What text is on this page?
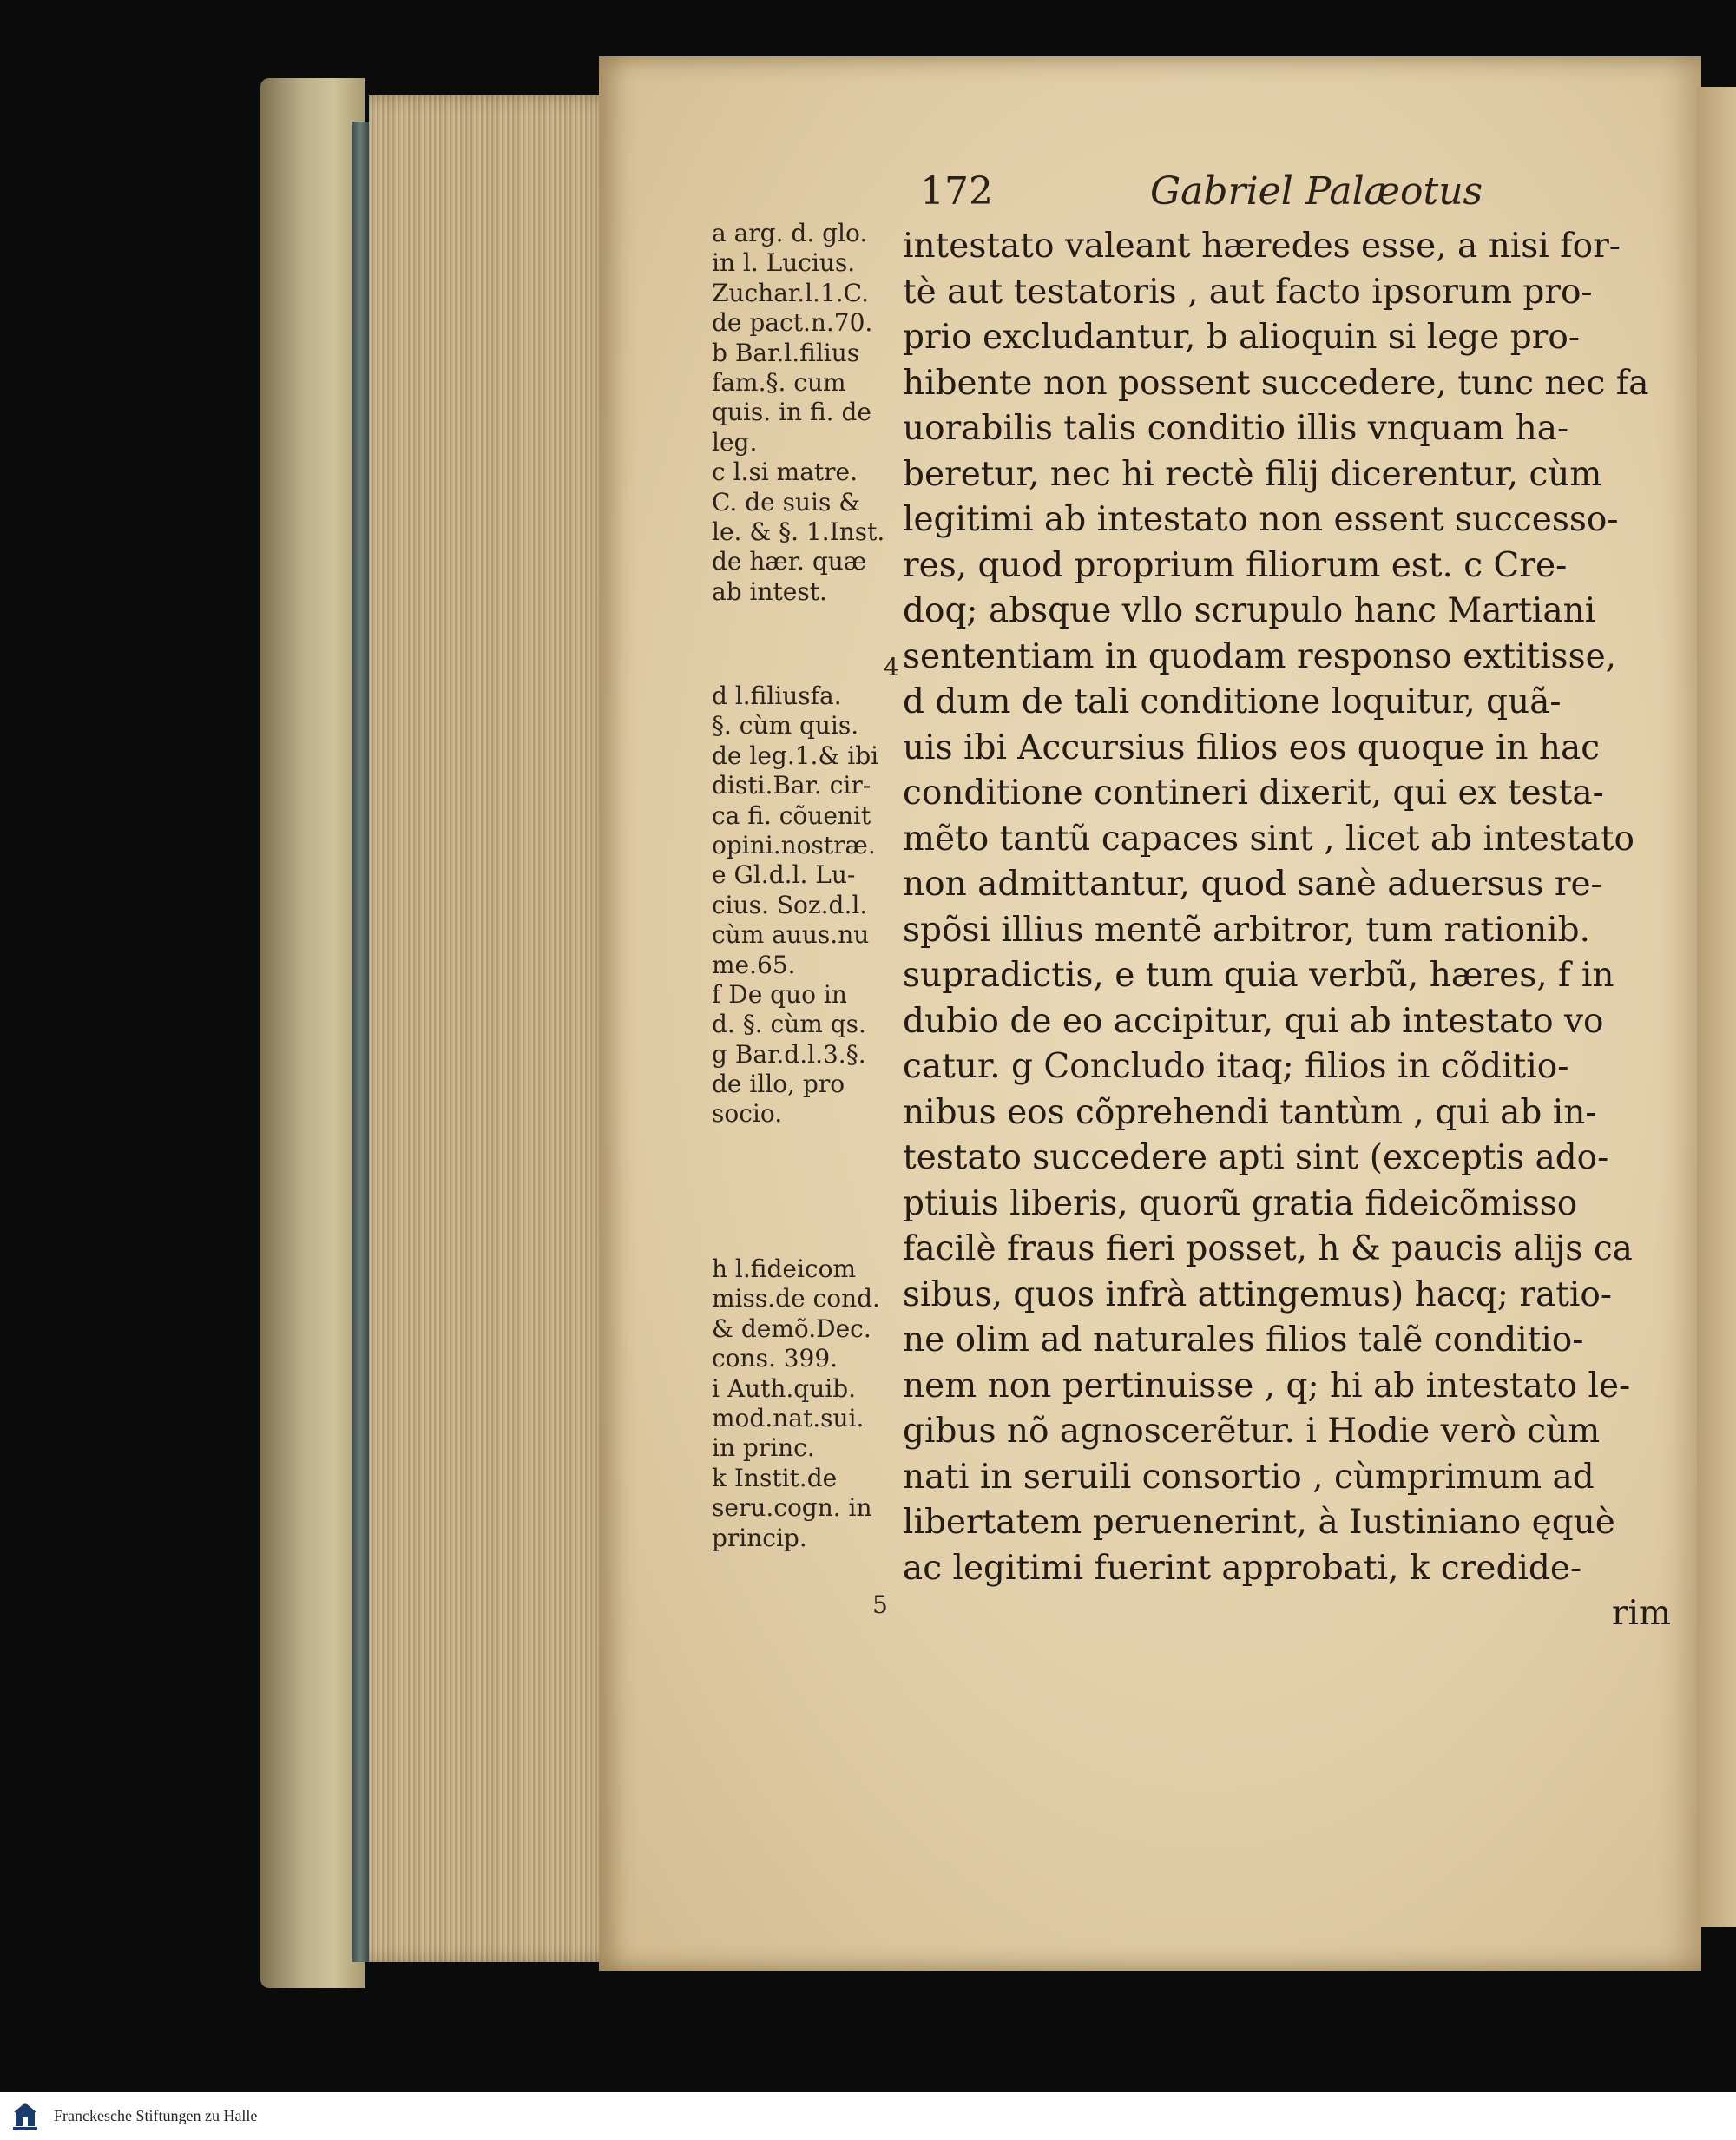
172	Gabriel Palæotus
a arg. d. glo.
in l. Lucius.
Zuchar.l.1.C.
de pact.n.70.
b Bar.l.filius
fam.§. cum
quis. in fi. de
leg.
c l.si matre.
C. de suis &
le. & §. 1.Inst.
de hær. quæ
ab intest.
d l.filiusfa.
§. cùm quis.
de leg.1.& ibi
disti.Bar. cir-
ca fi. cõuenit
opini.nostræ.
e Gl.d.l. Lu-
cius. Soz.d.l.
cùm auus.nu
me.65.
f De quo in
d. §. cùm qs.
g Bar.d.l.3.§.
de illo, pro
socio.
h l.fideicom
miss.de cond.
& demõ.Dec.
cons. 399.
i Auth.quib.
mod.nat.sui.
in princ.
k Instit.de
seru.cogn. in
princip.
4
5
intestato valeant hæredes esse, a nisi for-
tè aut testatoris , aut facto ipsorum pro-
prio excludantur, b alioquin si lege pro-
hibente non possent succedere, tunc nec fa
uorabilis talis conditio illis vnquam ha-
beretur, nec hi rectè filij dicerentur, cùm
legitimi ab intestato non essent successo-
res, quod proprium filiorum est. c Cre-
doq; absque vllo scrupulo hanc Martiani
sententiam in quodam responso extitisse,
d dum de tali conditione loquitur, quã-
uis ibi Accursius filios eos quoque in hac
conditione contineri dixerit, qui ex testa-
mẽto tantũ capaces sint , licet ab intestato
non admittantur, quod sanè aduersus re-
spõsi illius mentẽ arbitror, tum rationib.
supradictis, e tum quia verbũ, hæres, f in
dubio de eo accipitur, qui ab intestato vo
catur. g Concludo itaq; filios in cõditio-
nibus eos cõprehendi tantùm , qui ab in-
testato succedere apti sint (exceptis ado-
ptiuis liberis, quorũ gratia fideicõmisso
facilè fraus fieri posset, h & paucis alijs ca
sibus, quos infrà attingemus) hacq; ratio-
ne olim ad naturales filios talẽ conditio-
nem non pertinuisse , q; hi ab intestato le-
gibus nõ agnoscerẽtur. i Hodie verò cùm
nati in seruili consortio , cùmprimum ad
libertatem peruenerint, à Iustiniano ęquè
ac legitimi fuerint approbati, k credide-
rim
Franckesche Stiftungen zu Halle
